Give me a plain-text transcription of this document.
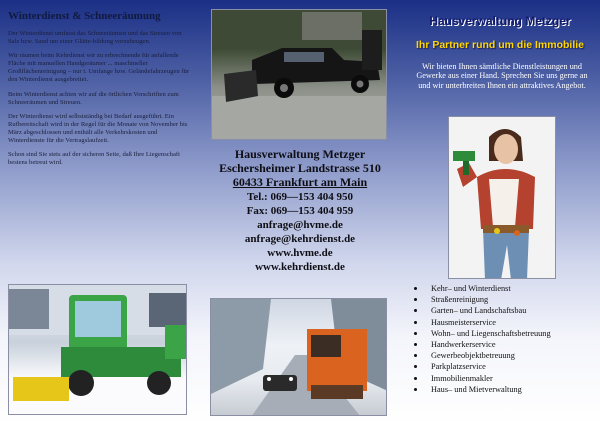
Winterdienst & Schneeräumung

Der Winterdienst umfasst das Schneeräumen und das Streuen von Salz bzw. Sand um einer Glätte-bildung vorzubeugen.

Wir räumen beim Kehrdienst wir zu erbrechnende für anfallende Fläche mit manuellen Handgeräumer ... maschineller Großflächenreinigung – nur i. Umfange bzw. Geländefahrzeugen für den Winterdienst ausgebreitet.

Beim Winterdienst achten wir auf die örtlichen Vorschriften zum Schneeräumen und Streuen.

Der Winterdienst wird selbstständig bei Bedarf ausgeführt. Ein Rufbereitschaft wird in der Regel für die Monate von November bis März abgeschlossen und enthält alle Verkehrskosten und Winterdienste für die Vertragslaufzeit.

Schon sind Sie stets auf der sicheren Seite, daß Ihre Liegenschaft bestens betreut wird.

Hausverwaltung Metzger
Eschersheimer Landstrasse 510
60433 Frankfurt am Main
Tel.: 069—153 404 950
Fax: 069—153 404 959
anfrage@hvme.de
anfrage@kehrdienst.de
www.hvme.de
www.kehrdienst.de
Hausverwaltung Metzger
Ihr Partner rund um die Immobilie
Wir bieten Ihnen sämtliche Dienstleistungen und Gewerke aus einer Hand. Sprechen Sie uns gerne an und wir unterbreiten Ihnen ein attraktives Angebot.
Kehr– und Winterdienst
Straßenreinigung
Garten– und Landschaftsbau
Hausmeisterservice
Wohn– und Liegenschaftsbetreuung
Handwerkerservice
Gewerbeobjektbetreuung
Parkplatzservice
Immobilienmakler
Haus– und Mietverwaltung
